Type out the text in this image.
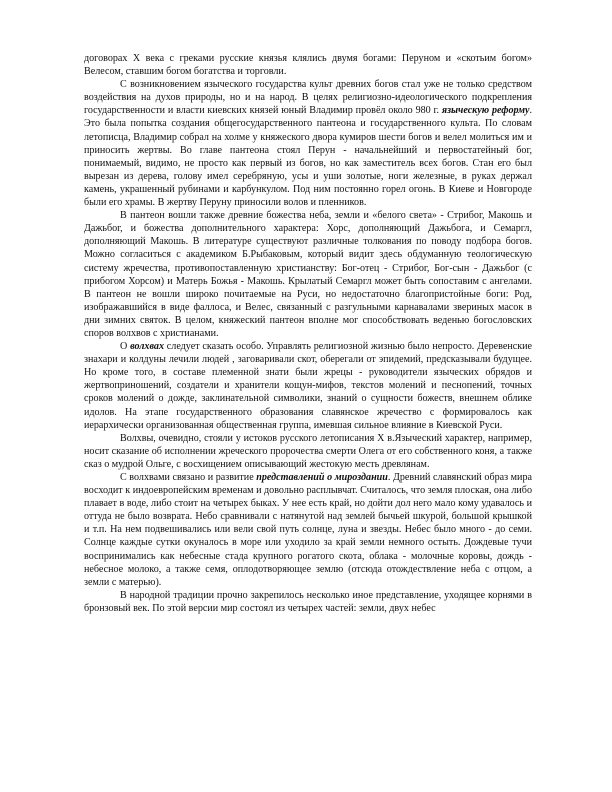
договорах X века с греками русские князья клялись двумя богами: Перуном и «скотьим богом» Велесом, ставшим богом богатства и торговли.

С возникновением языческого государства культ древних богов стал уже не только средством воздействия на духов природы, но и на народ. В целях религиозно-идеологического подкрепления государственности и власти киевских князей юный Владимир провёл около 980 г. языческую реформу. Это была попытка создания общегосударственного пантеона и государственного культа. По словам летописца, Владимир собрал на холме у княжеского двора кумиров шести богов и велел молиться им и приносить жертвы. Во главе пантеона стоял Перун - начальнейший и первостатейный бог, понимаемый, видимо, не просто как первый из богов, но как заместитель всех богов. Стан его был вырезан из дерева, голову имел серебряную, усы и уши золотые, ноги железные, в руках держал камень, украшенный рубинами и карбункулом. Под ним постоянно горел огонь. В Киеве и Новгороде были его храмы. В жертву Перуну приносили волов и пленников.

В пантеон вошли также древние божества неба, земли и «белого света» - Стрибог, Макошь и Дажьбог, и божества дополнительного характера: Хорс, дополняющий Дажьбога, и Семаргл, дополняющий Макошь. В литературе существуют различные толкования по поводу подбора богов. Можно согласиться с академиком Б.Рыбаковым, который видит здесь обдуманную теологическую систему жречества, противопоставленную христианству: Бог-отец - Стрибог, Бог-сын - Дажьбог (с прибогом Хорсом) и Матерь Божья - Макошь. Крылатый Семаргл может быть сопоставим с ангелами. В пантеон не вошли широко почитаемые на Руси, но недостаточно благопристойные боги: Род, изображавшийся в виде фаллоса, и Велес, связанный с разгульными карнавалами звериных масок в дни зимних святок. В целом, княжеский пантеон вполне мог способствовать веденью богословских споров волхвов с христианами.

О волхвах следует сказать особо. Управлять религиозной жизнью было непросто. Деревенские знахари и колдуны лечили людей , заговаривали скот, оберегали от эпидемий, предсказывали будущее. Но кроме того, в составе племенной знати были жрецы - руководители языческих обрядов и жертвоприношений, создатели и хранители кощун-мифов, текстов молений и песнопений, точных сроков молений о дожде, заклинательной символики, знаний о сущности божеств, внешнем облике идолов. На этапе государственного образования славянское жречество с формировалось как иерархически организованная общественная группа, имевшая сильное влияние в Киевской Руси.

Волхвы, очевидно, стояли у истоков русского летописания X в.Языческий характер, например, носит сказание об исполнении жреческого пророчества смерти Олега от его собственного коня, а также сказ о мудрой Ольге, с восхищением описывающий жестокую месть древлянам.

С волхвами связано и развитие представлений о мироздании. Древний славянский образ мира восходит к индоевропейским временам и довольно расплывчат. Считалось, что земля плоская, она либо плавает в воде, либо стоит на четырех быках. У нее есть край, но дойти дол него мало кому удавалось и оттуда не было возврата. Небо сравнивали с натянутой над землей бычьей шкурой, большой крышкой и т.п. На нем подвешивались или вели свой путь солнце, луна и звезды. Небес было много - до семи. Солнце каждые сутки окуналось в море или уходило за край земли немного остыть. Дождевые тучи воспринимались как небесные стада крупного рогатого скота, облака - молочные коровы, дождь - небесное молоко, а также семя, оплодотворяющее землю (отсюда отождествление неба с отцом, а земли с матерью).

В народной традиции прочно закрепилось несколько иное представление, уходящее корнями в бронзовый век. По этой версии мир состоял из четырех частей: земли, двух небес
